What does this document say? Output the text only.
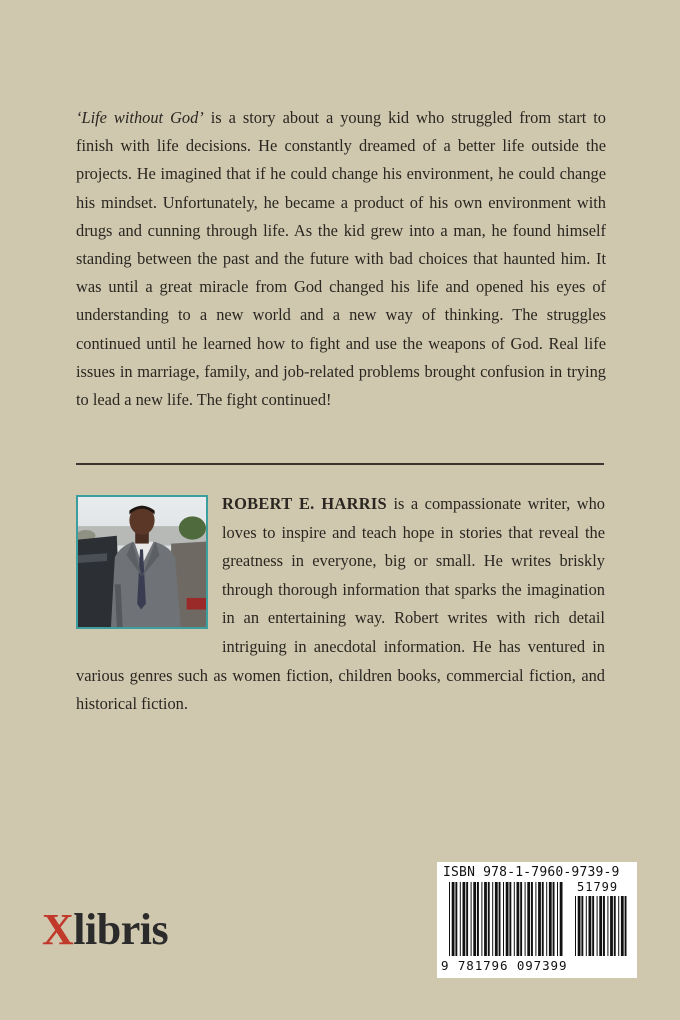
‘Life without God’ is a story about a young kid who struggled from start to finish with life decisions. He constantly dreamed of a better life outside the projects. He imagined that if he could change his environment, he could change his mindset. Unfortunately, he became a product of his own environment with drugs and cunning through life. As the kid grew into a man, he found himself standing between the past and the future with bad choices that haunted him. It was until a great miracle from God changed his life and opened his eyes of understanding to a new world and a new way of thinking. The struggles continued until he learned how to fight and use the weapons of God. Real life issues in marriage, family, and job-related problems brought confusion in trying to lead a new life. The fight continued!
ROBERT E. HARRIS is a compassionate writer, who loves to inspire and teach hope in stories that reveal the greatness in everyone, big or small. He writes briskly through thorough information that sparks the imagination in an entertaining way. Robert writes with rich detail intriguing in anecdotal information. He has ventured in various genres such as women fiction, children books, commercial fiction, and historical fiction.
ISBN 978-1-7960-9739-9
51799
9 781796 097399
Xlibris
